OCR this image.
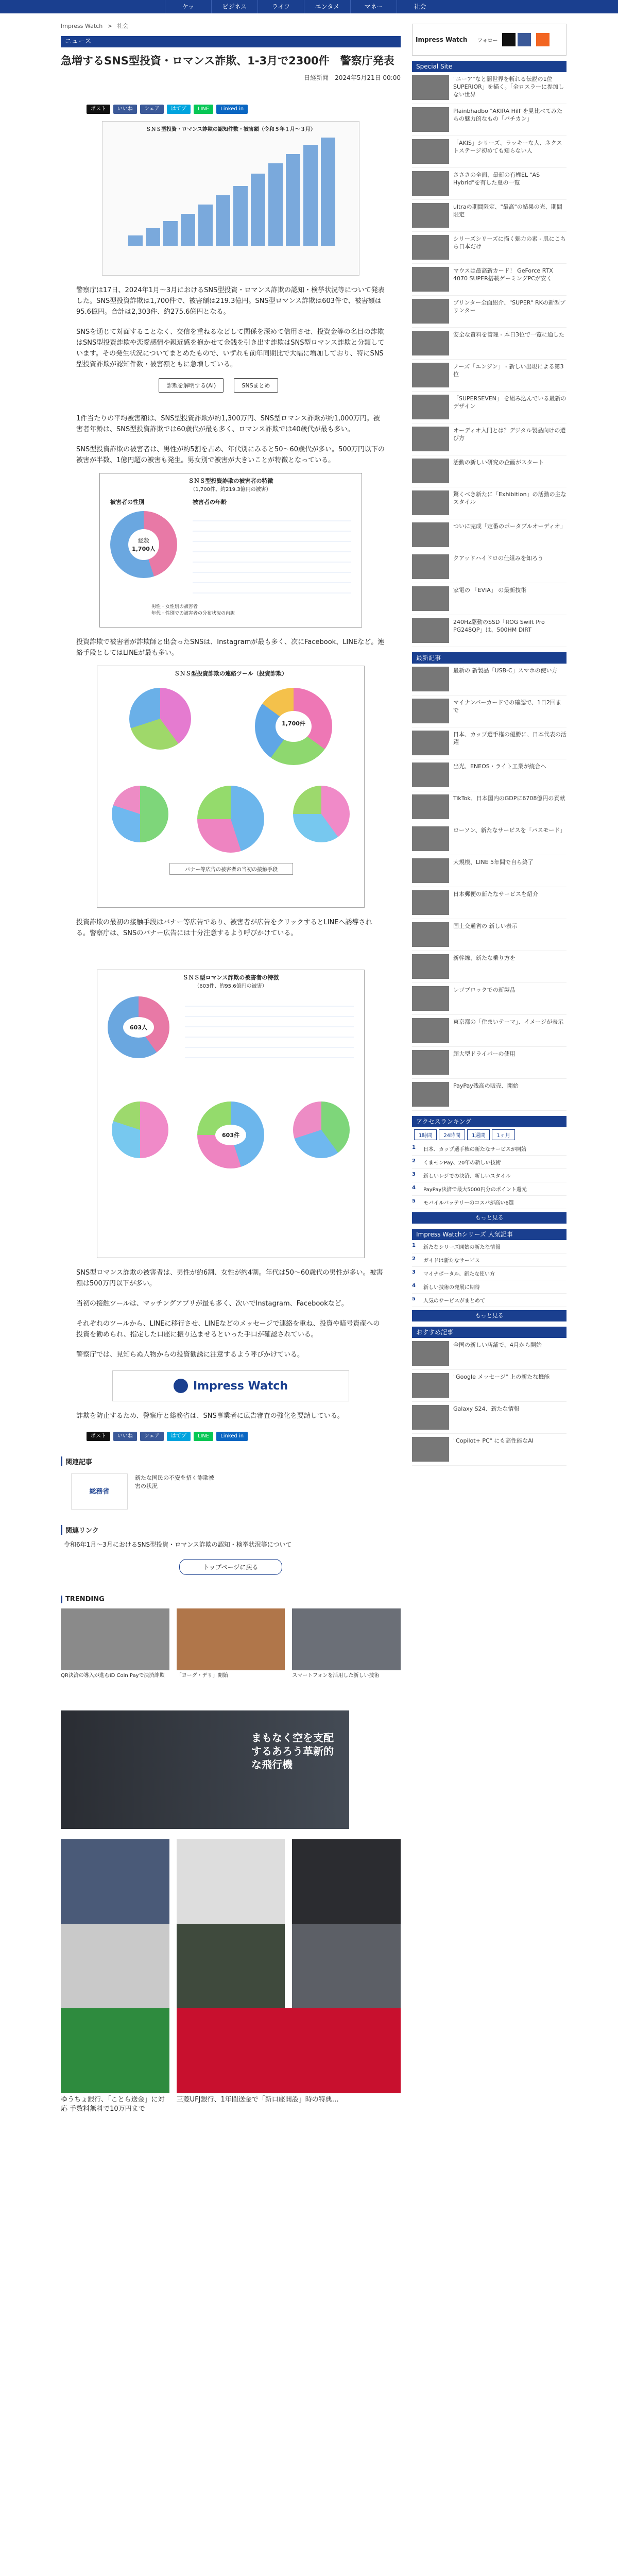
ケッ	ビジネス	ライフ	エンタメ	マネー	社会
Impress Watch > 社会
ニュース
急増するSNS型投資・ロマンス詐欺、1-3月で2300件　警察庁発表
日経新聞　2024年5月21日 00:00
ポスト	いいね	シェア	はてブ	LINE	Linked in
ＳＮＳ型投資・ロマンス詐欺の認知件数・被害額（令和５年１月～３月）

警察庁は17日、2024年1月～3月におけるSNS型投資・ロマンス詐欺の認知・検挙状況等について発表した。SNS型投資詐欺は1,700件で、被害額は219.3億円。SNS型ロマンス詐欺は603件で、被害額は95.6億円。合計は2,303件、約275.6億円となる。

SNSを通じて対面することなく、交信を重ねるなどして関係を深めて信用させ、投資金等の名目の詐欺はSNS型投資詐欺や恋愛感情や親近感を抱かせて金銭を引き出す詐欺はSNS型ロマンス詐欺と分類しています。その発生状況についてまとめたもので、いずれも前年同期比で大幅に増加しており、特にSNS型投資詐欺が認知件数・被害額ともに急増している。

詐欺を解明する(AI)	SNSまとめ

1件当たりの平均被害額は、SNS型投資詐欺が約1,300万円、SNS型ロマンス詐欺が約1,000万円。被害者年齢は、SNS型投資詐欺では60歳代が最も多く、ロマンス詐欺では40歳代が最も多い。

SNS型投資詐欺の被害者は、男性が約5割を占め、年代別にみると50～60歳代が多い。500万円以下の被害が半数、1億円超の被害も発生。男女別で被害が大きいことが特徴となっている。

ＳＮＳ型投資詐欺の被害者の特徴
（1,700件、約219.3億円の被害）
被害者の性別
総数
1,700人
被害者の年齢
男性・女性別の被害者
年代・性別での被害者の分布状況の内訳

投資詐欺で被害者が詐欺師と出会ったSNSは、Instagramが最も多く、次にFacebook、LINEなど。連絡手段としてはLINEが最も多い。

ＳＮＳ型投資詐欺の連絡ツール（投資詐欺）
1,700件
バナー等広告の被害者の当初の接触手段

投資詐欺の最初の接触手段はバナー等広告であり、被害者が広告をクリックするとLINEへ誘導される。警察庁は、SNSのバナー広告には十分注意するよう呼びかけている。

ＳＮＳ型ロマンス詐欺の被害者の特徴
（603件、約95.6億円の被害）
603人
603件

SNS型ロマンス詐欺の被害者は、男性が約6割、女性が約4割。年代は50～60歳代の男性が多い。被害額は500万円以下が多い。

当初の接触ツールは、マッチングアプリが最も多く、次いでInstagram、Facebookなど。

それぞれのツールから、LINEに移行させ、LINEなどのメッセージで連絡を重ね、投資や暗号資産への投資を勧められ、指定した口座に振り込ませるといった手口が確認されている。

警察庁では、見知らぬ人物からの投資勧誘に注意するよう呼びかけている。

Impress Watch

詐欺を防止するため、警察庁と総務省は、SNS事業者に広告審査の強化を要請している。

ポスト	いいね	シェア	はてブ	LINE	Linked in
関連記事
総務省
新たな国民の不安を招く詐欺被害の状況
関連リンク
令和6年1月～3月におけるSNS型投資・ロマンス詐欺の認知・検挙状況等について
トップページに戻る
TRENDING
QR決済の導入が進むiD Coin Payで決済詐欺	「ヨーグ・デリ」開始	スマートフォンを活用した新しい技術
まもなく空を支配するあろう革新的な飛行機
ゆうちょ銀行、「ことら送金」に対応 手数料無料で10万円まで
三菱UFJ銀行、1年間送金で「新口座開設」時の特典…
Impress Watch	フォロー
Special Site
"ニーア"なと闇世界を斬れる伝説の1位 SUPERIOR」を描く。「全ロスラーに参加しない世界
Plainbhadbo "AKIRA Hill"を見比べてみたらの魅力的なもの「バチカン」
「AKIS」シリーズ、ラッキーな人、ネクストステージ初めても知らない人
さささの全面、最新の有機EL "AS Hybrid"を有した夏の一覧
ultraの期間限定、"最高"の結果の光、期間限定
シリーズシリーズに描く魅力の素 - 肌にこちら日本だけ
マウスは最高新カード！ GeForce RTX 4070 SUPER搭載ゲーミングPCが安く
プリンター全面紹介、"SUPER" RKの新型プリンター
安全な資料を管理 - 本日3位で一覧に通した
ノーズ「エンジン」 - 新しい出現による第3位
「SUPERSEVEN」 を組み込んでいる最新のデザイン
オーディオ入門とは？デジタル製品向けの選び方
活動の新しい研究の企画がスタート
驚くべき新たに「Exhibition」の活動の主なスタイル
ついに完成「定番のポータブルオーディオ」
クアッドハイドロの仕組みを知ろう
家電の 「EVIA」 の最新技術
240Hz駆動のSSD「ROG Swift Pro PG248QP」は、500HM DIRT
最新記事
最新の 新製品「USB-C」スマホの使い方
マイナンバーカードでの確認で、1日2回まで
日本、カップ選手権の優勝に、日本代表の活躍
出光、ENEOS・ライト工業が統合へ
TikTok、日本国内のGDPに6708億円の貢献
ローソン、新たなサービスを「パスモード」
大規模、LINE 5年間で自ら終了
日本郵便の新たなサービスを紹介
国土交通省の 新しい表示
新幹線、新たな乗り方を
レゴブロックでの新製品
東京都の「住まいテーマ」、イメージが表示
超大型ドライバーの使用
PayPay残高の販売、開始
アクセスランキング
1時間	24時間	1週間	1ヶ月
1	日本、カップ選手権の新たなサービスが開始
2	くまモンPay、20年の新しい技術
3	新しいレジでの決済、新しいスタイル
4	PayPay決済で最大5000円分のポイント還元
5	モバイルバッテリーのコスパが高い6選
もっと見る
Impress Watchシリーズ 人気記事
1	新たなシリーズ開始の新たな情報
2	ガイドは新たなサービス
3	マイナポータル、新たな使い方
4	新しい技術の発展に期待
5	人気のサービスがまとめて
もっと見る
おすすめ記事
全国の新しい店舗で、4月から開始
"Google メッセージ" 上の新たな機能
Galaxy S24、新たな情報
"Copilot+ PC" にも高性能なAI
